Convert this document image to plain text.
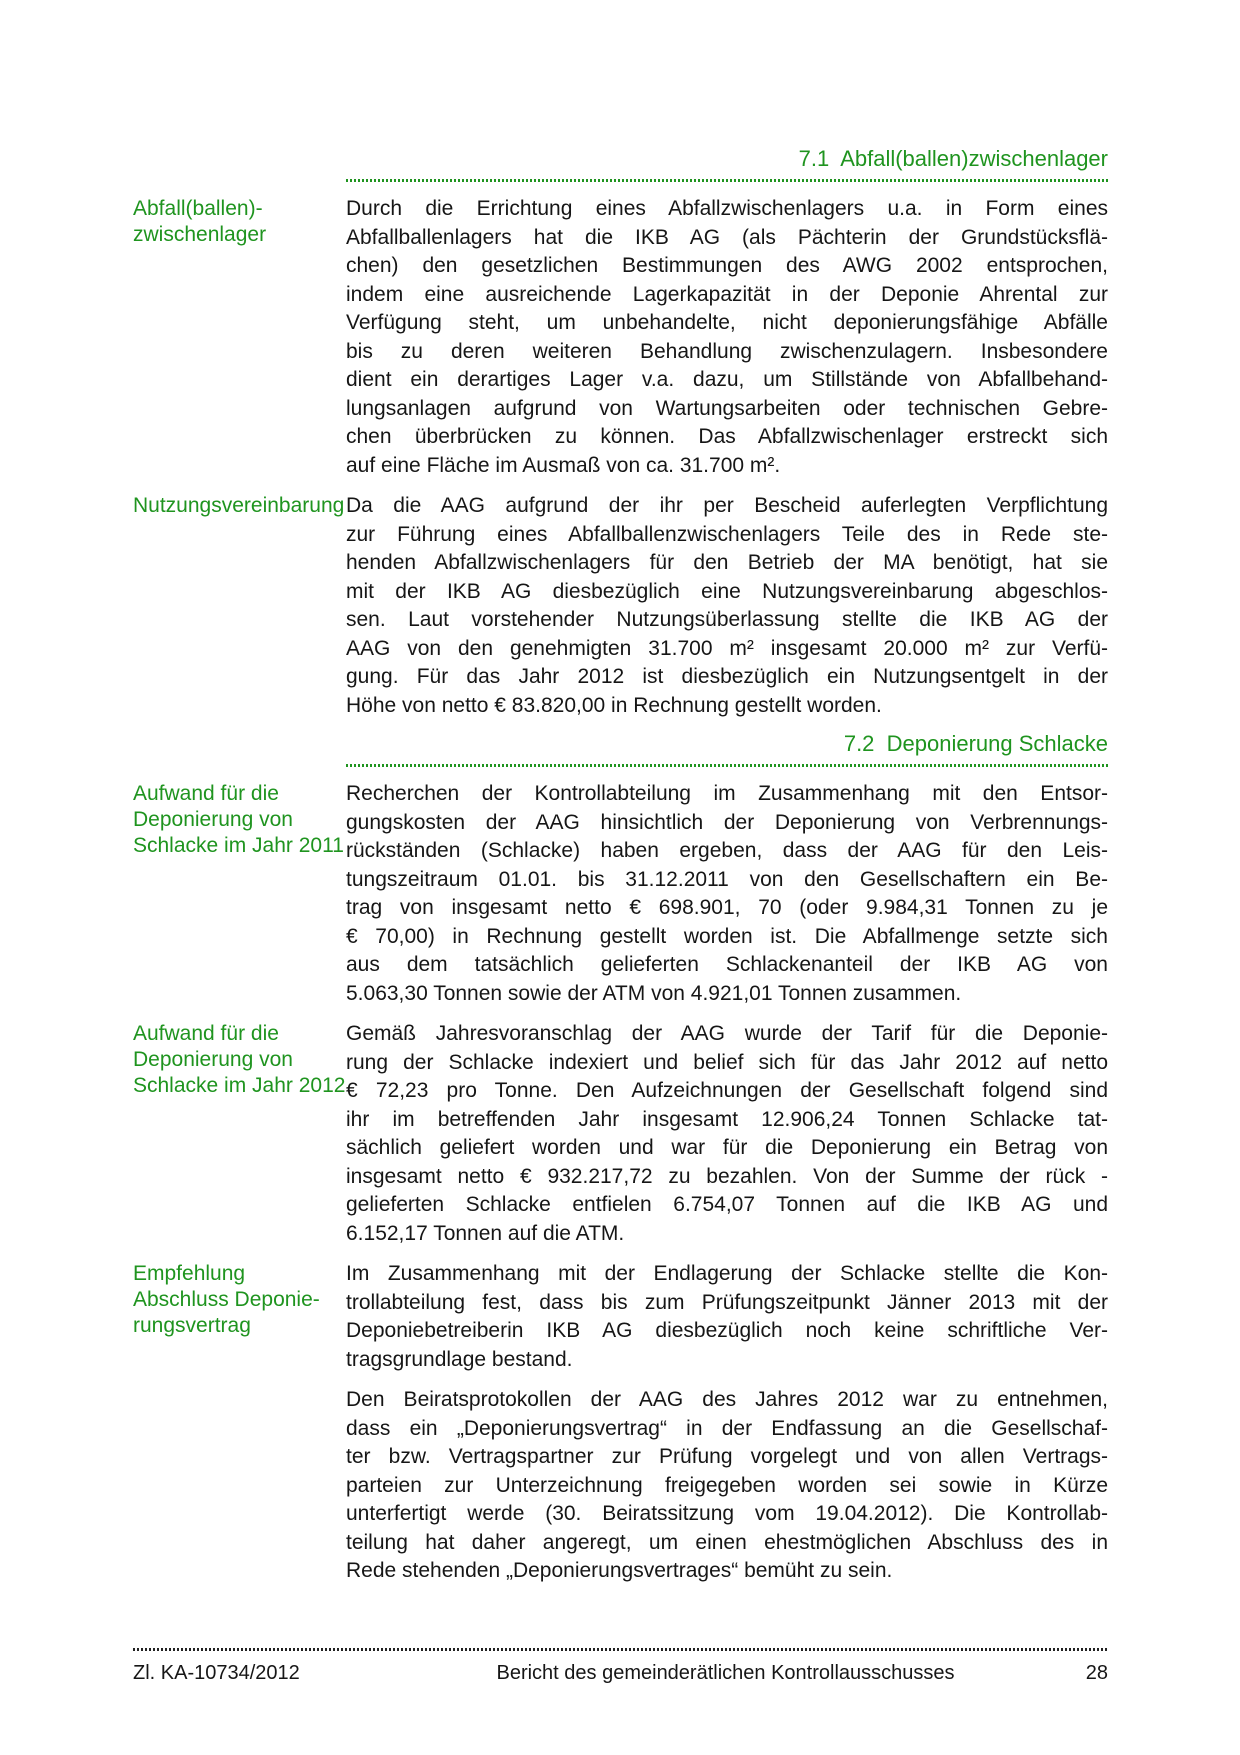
7.1  Abfall(ballen)zwischenlager
Abfall(ballen)-
zwischenlager
Durch die Errichtung eines Abfallzwischenlagers u.a. in Form eines
Abfallballenlagers hat die IKB AG (als Pächterin der Grundstücksflä-
chen) den gesetzlichen Bestimmungen des AWG 2002 entsprochen,
indem eine ausreichende Lagerkapazität in der Deponie Ahrental zur
Verfügung steht, um unbehandelte, nicht deponierungsfähige Abfälle
bis zu deren weiteren Behandlung zwischenzulagern. Insbesondere
dient ein derartiges Lager v.a. dazu, um Stillstände von Abfallbehand-
lungsanlagen aufgrund von Wartungsarbeiten oder technischen Gebre-
chen überbrücken zu können. Das Abfallzwischenlager erstreckt sich
auf eine Fläche im Ausmaß von ca. 31.700 m².
Nutzungsvereinbarung Da die AAG aufgrund der ihr per Bescheid auferlegten Verpflichtung
zur Führung eines Abfallballenzwischenlagers Teile des in Rede ste-
henden Abfallzwischenlagers für den Betrieb der MA benötigt, hat sie
mit der IKB AG diesbezüglich eine Nutzungsvereinbarung abgeschlos-
sen. Laut vorstehender Nutzungsüberlassung stellte die IKB AG der
AAG von den genehmigten 31.700 m² insgesamt 20.000 m² zur Verfü-
gung. Für das Jahr 2012 ist diesbezüglich ein Nutzungsentgelt in der
Höhe von netto € 83.820,00 in Rechnung gestellt worden.
7.2  Deponierung Schlacke
Aufwand für die
Deponierung von
Schlacke im Jahr 2011
Recherchen der Kontrollabteilung im Zusammenhang mit den Entsor-
gungskosten der AAG hinsichtlich der Deponierung von Verbrennungs-
rückständen (Schlacke) haben ergeben, dass der AAG für den Leis-
tungszeitraum 01.01. bis 31.12.2011 von den Gesellschaftern ein Be-
trag von insgesamt netto € 698.901, 70 (oder 9.984,31 Tonnen zu je
€ 70,00) in Rechnung gestellt worden ist. Die Abfallmenge setzte sich
aus dem tatsächlich gelieferten Schlackenanteil der IKB AG von
5.063,30 Tonnen sowie der ATM von 4.921,01 Tonnen zusammen.
Aufwand für die
Deponierung von
Schlacke im Jahr 2012
Gemäß Jahresvoranschlag der AAG wurde der Tarif für die Deponie-
rung der Schlacke indexiert und belief sich für das Jahr 2012 auf netto
€ 72,23 pro Tonne. Den Aufzeichnungen der Gesellschaft folgend sind
ihr im betreffenden Jahr insgesamt 12.906,24 Tonnen Schlacke tat-
sächlich geliefert worden und war für die Deponierung ein Betrag von
insgesamt netto € 932.217,72 zu bezahlen. Von der Summe der rück -
gelieferten Schlacke entfielen 6.754,07 Tonnen auf die IKB AG und
6.152,17 Tonnen auf die ATM.
Empfehlung
Abschluss Deponie-
rungsvertrag
Im Zusammenhang mit der Endlagerung der Schlacke stellte die Kon-
trollabteilung fest, dass bis zum Prüfungszeitpunkt Jänner 2013 mit der
Deponiebetreiberin IKB AG diesbezüglich noch keine schriftliche Ver-
tragsgrundlage bestand.
Den Beiratsprotokollen der AAG des Jahres 2012 war zu entnehmen,
dass ein „Deponierungsvertrag“ in der Endfassung an die Gesellschaf-
ter bzw. Vertragspartner zur Prüfung vorgelegt und von allen Vertrags-
parteien zur Unterzeichnung freigegeben worden sei sowie in Kürze
unterfertigt werde (30. Beiratssitzung vom 19.04.2012). Die Kontrollab-
teilung hat daher angeregt, um einen ehestmöglichen Abschluss des in
Rede stehenden „Deponierungsvertrages“ bemüht zu sein.
Zl. KA-10734/2012	Bericht des gemeinderätlichen Kontrollausschusses	28
